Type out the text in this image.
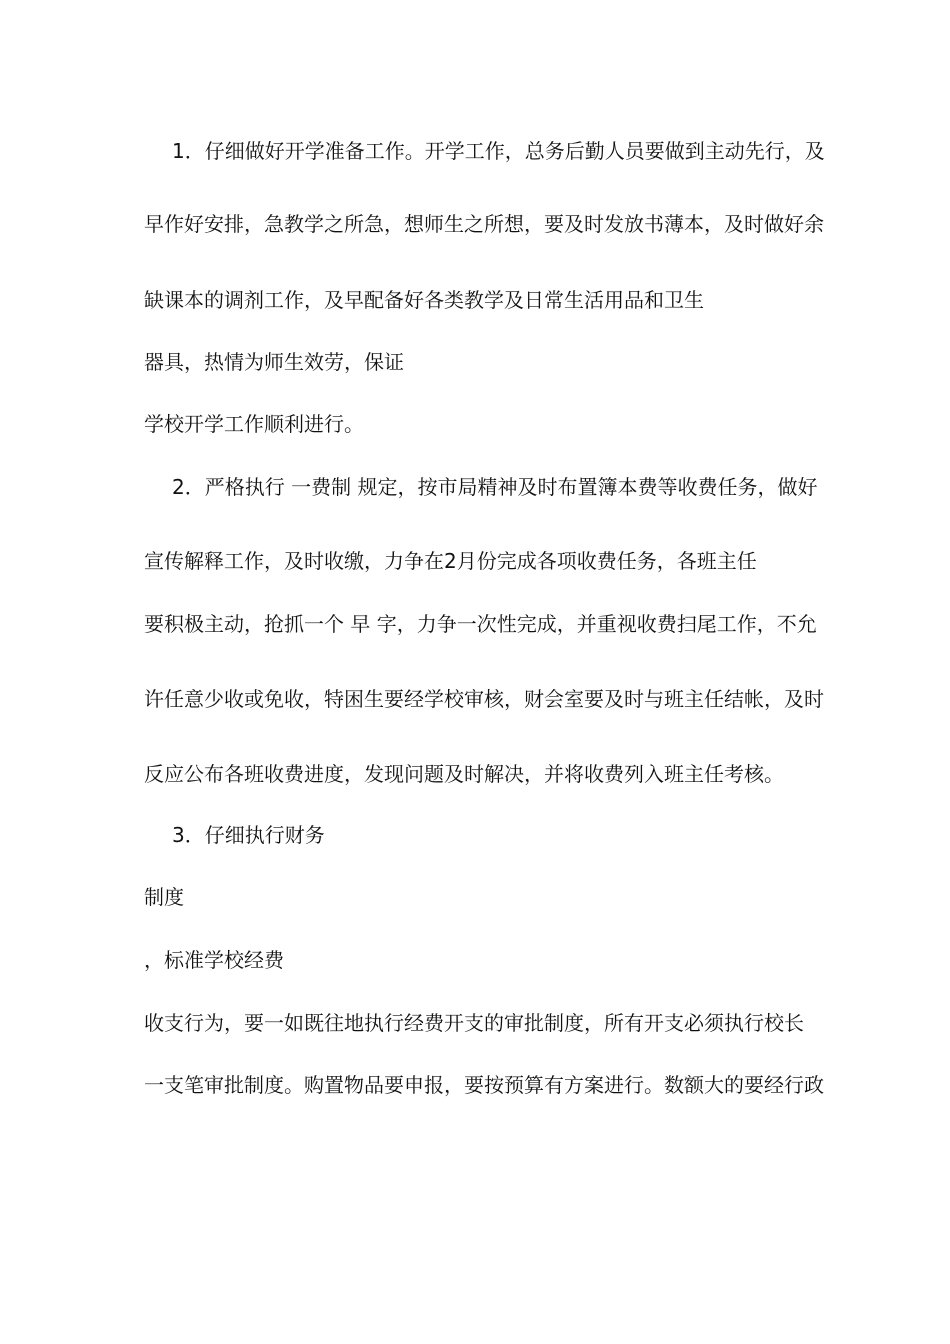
1．仔细做好开学准备工作。开学工作，总务后勤人员要做到主动先行，及
早作好安排，急教学之所急，想师生之所想，要及时发放书薄本，及时做好余
缺课本的调剂工作，及早配备好各类教学及日常生活用品和卫生
器具，热情为师生效劳，保证
学校开学工作顺利进行。
2．严格执行 一费制 规定，按市局精神及时布置簿本费等收费任务，做好
宣传解释工作，及时收缴，力争在2月份完成各项收费任务，各班主任
要积极主动，抢抓一个 早 字，力争一次性完成，并重视收费扫尾工作，不允
许任意少收或免收，特困生要经学校审核，财会室要及时与班主任结帐，及时
反应公布各班收费进度，发现问题及时解决，并将收费列入班主任考核。
3．仔细执行财务
制度
，标准学校经费
收支行为，要一如既往地执行经费开支的审批制度，所有开支必须执行校长
一支笔审批制度。购置物品要申报，要按预算有方案进行。数额大的要经行政
